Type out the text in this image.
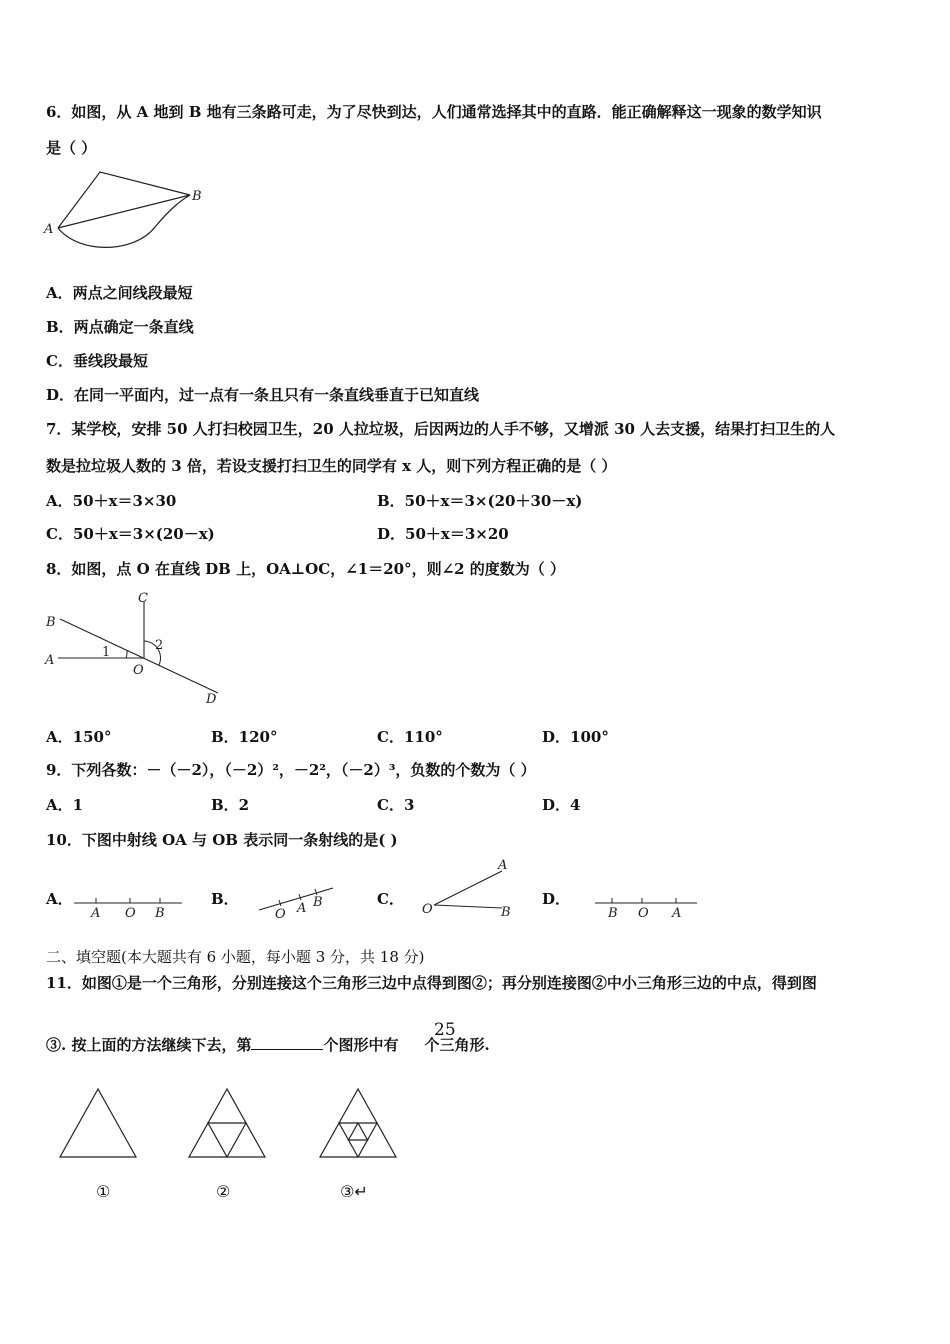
6．如图，从 A 地到 B 地有三条路可走，为了尽快到达，人们通常选择其中的直路．能正确解释这一现象的数学知识
是（ ）
A
B
A．两点之间线段最短
B．两点确定一条直线
C．垂线段最短
D．在同一平面内，过一点有一条且只有一条直线垂直于已知直线
7．某学校，安排 50 人打扫校园卫生，20 人拉垃圾，后因两边的人手不够，又增派 30 人去支援，结果打扫卫生的人
数是拉垃圾人数的 3 倍，若设支援打扫卫生的同学有 x 人，则下列方程正确的是（ ）
A．50＋x＝3×30	B．50＋x＝3×(20＋30－x)
C．50＋x＝3×(20－x)	D．50＋x＝3×20
8．如图，点 O 在直线 DB 上，OA⊥OC，∠1＝20°，则∠2 的度数为（ ）
B
A
C
O
D
1	2
A．150°	B．120°	C．110°	D．100°
9．下列各数：－（－2），（－2）²，－2²，（－2）³，负数的个数为（ ）
A．1	B．2	C．3	D．4
10．下图中射线 OA 与 OB 表示同一条射线的是( )
A．
A O B
B．
O A B	C．
A
O	B
D．
B O A
二、填空题(本大题共有 6 小题，每小题 3 分，共 18 分)
11．如图①是一个三角形，分别连接这个三角形三边中点得到图②；再分别连接图②中小三角形三边的中点，得到图
③. 按上面的方法继续下去，第	个图形中有 个三角形.
25
①	②	③↵
